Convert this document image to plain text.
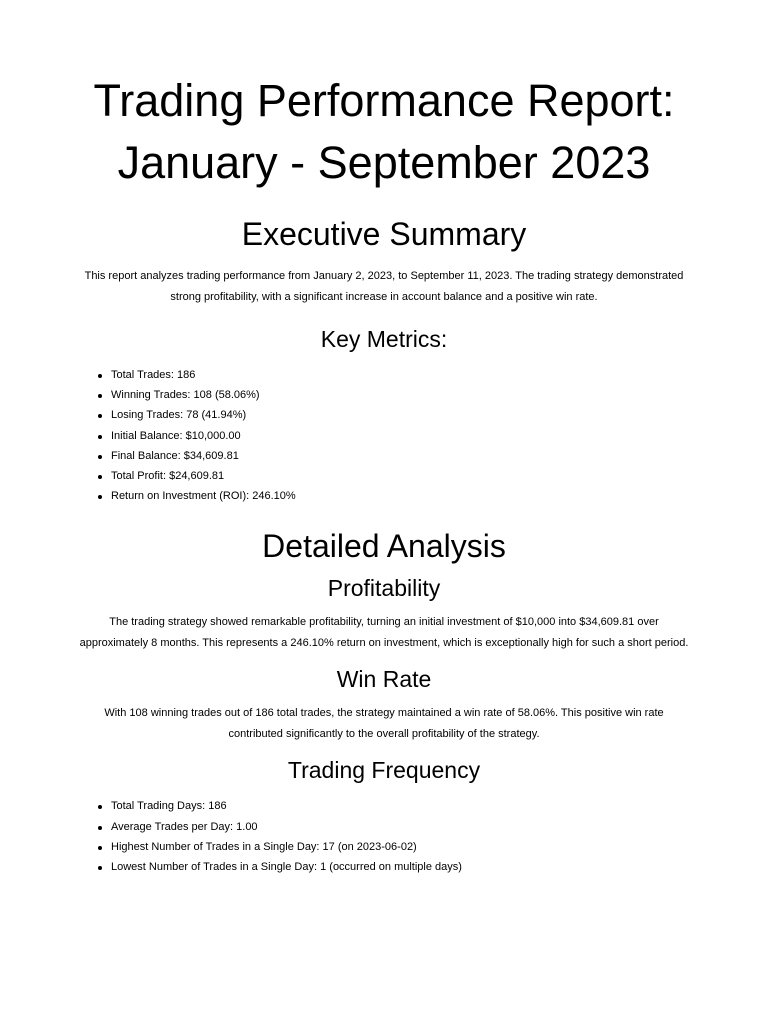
Trading Performance Report:
January - September 2023
Executive Summary

This report analyzes trading performance from January 2, 2023, to September 11, 2023. The trading strategy demonstrated strong profitability, with a significant increase in account balance and a positive win rate.

Key Metrics:
Total Trades: 186
Winning Trades: 108 (58.06%)
Losing Trades: 78 (41.94%)
Initial Balance: $10,000.00
Final Balance: $34,609.81
Total Profit: $24,609.81
Return on Investment (ROI): 246.10%
Detailed Analysis
Profitability

The trading strategy showed remarkable profitability, turning an initial investment of $10,000 into $34,609.81 over approximately 8 months. This represents a 246.10% return on investment, which is exceptionally high for such a short period.

Win Rate

With 108 winning trades out of 186 total trades, the strategy maintained a win rate of 58.06%. This positive win rate contributed significantly to the overall profitability of the strategy.

Trading Frequency
Total Trading Days: 186
Average Trades per Day: 1.00
Highest Number of Trades in a Single Day: 17 (on 2023-06-02)
Lowest Number of Trades in a Single Day: 1 (occurred on multiple days)
